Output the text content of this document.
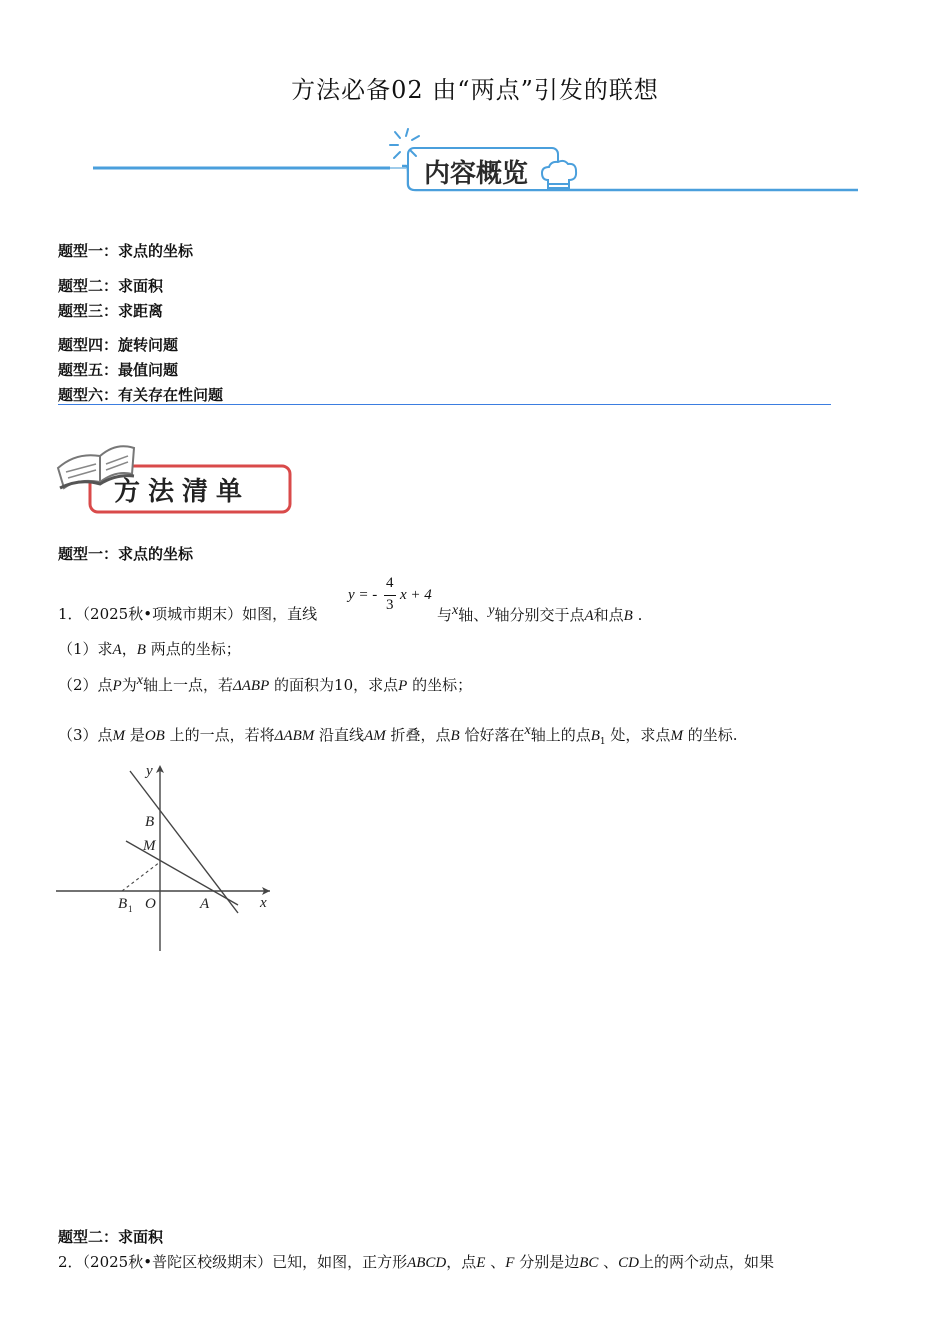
方法必备02 由“两点”引发的联想
内容概览
题型一：求点的坐标
题型二：求面积
题型三：求距离
题型四：旋转问题
题型五：最值问题
题型六：有关存在性问题
方法清单
题型一：求点的坐标
1．（2025秋•项城市期末）如图，直线
y = -
4
3
x + 4
与$^x$轴、$^y$轴分别交于点A和点B .
（1）求A，B 两点的坐标；
（2）点P为$^x$轴上一点，若ΔABP 的面积为10，求点P 的坐标；
（3）点M 是OB 上的一点，若将ΔABM 沿直线AM 折叠，点B 恰好落在$^x$轴上的点$B_1$ 处，求点M 的坐标.
y
x
B
M
B 1 O	A
题型二：求面积
2．（2025秋•普陀区校级期末）已知，如图，正方形ABCD，点E 、F 分别是边BC 、CD上的两个动点，如果
